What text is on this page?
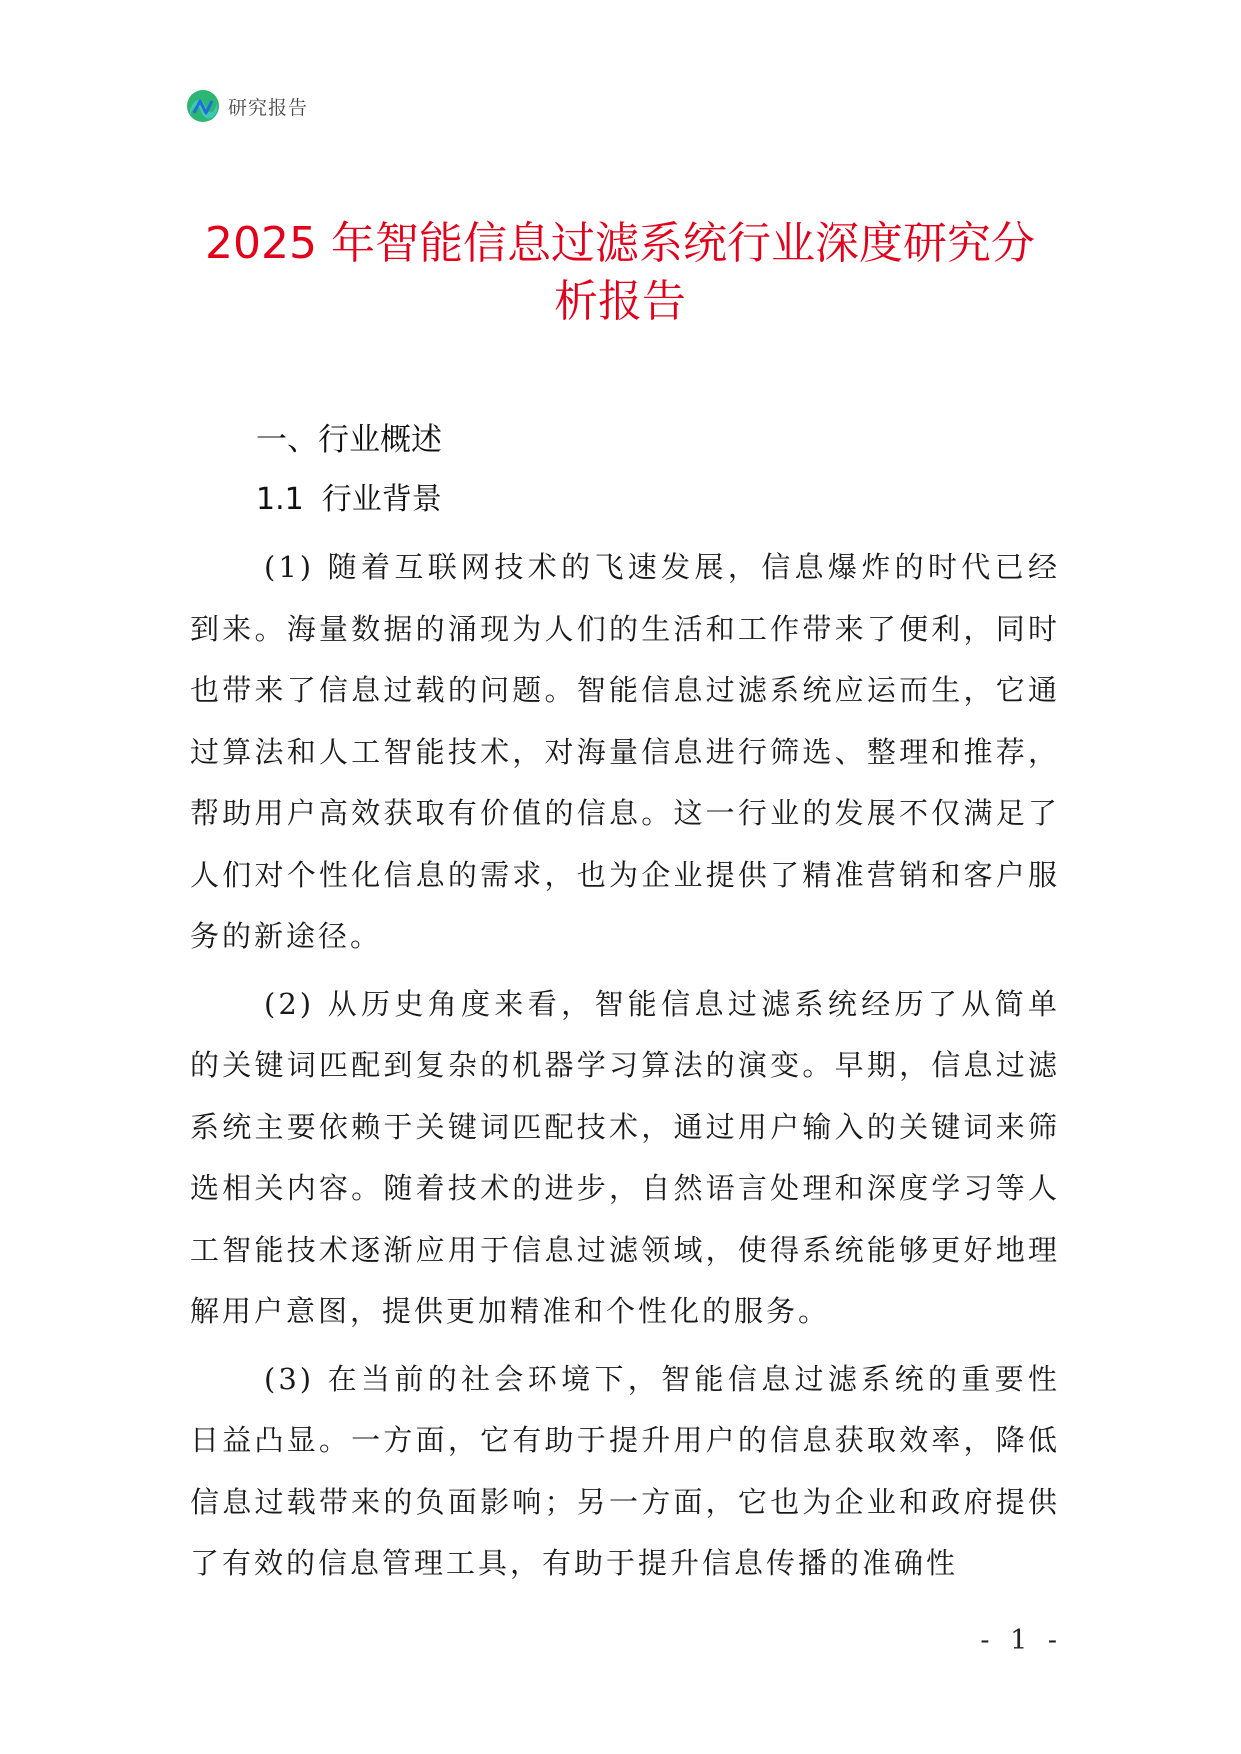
研究报告
2025 年智能信息过滤系统行业深度研究分
析报告
一、行业概述
1.1 行业背景

(1) 随着互联网技术的飞速发展，信息爆炸的时代已经到来。海量数据的涌现为人们的生活和工作带来了便利，同时也带来了信息过载的问题。智能信息过滤系统应运而生，它通过算法和人工智能技术，对海量信息进行筛选、整理和推荐，帮助用户高效获取有价值的信息。这一行业的发展不仅满足了人们对个性化信息的需求，也为企业提供了精准营销和客户服务的新途径。

(2) 从历史角度来看，智能信息过滤系统经历了从简单的关键词匹配到复杂的机器学习算法的演变。早期，信息过滤系统主要依赖于关键词匹配技术，通过用户输入的关键词来筛选相关内容。随着技术的进步，自然语言处理和深度学习等人工智能技术逐渐应用于信息过滤领域，使得系统能够更好地理解用户意图，提供更加精准和个性化的服务。

(3) 在当前的社会环境下，智能信息过滤系统的重要性日益凸显。一方面，它有助于提升用户的信息获取效率，降低信息过载带来的负面影响；另一方面，它也为企业和政府提供了有效的信息管理工具，有助于提升信息传播的准确性

- 1 -
